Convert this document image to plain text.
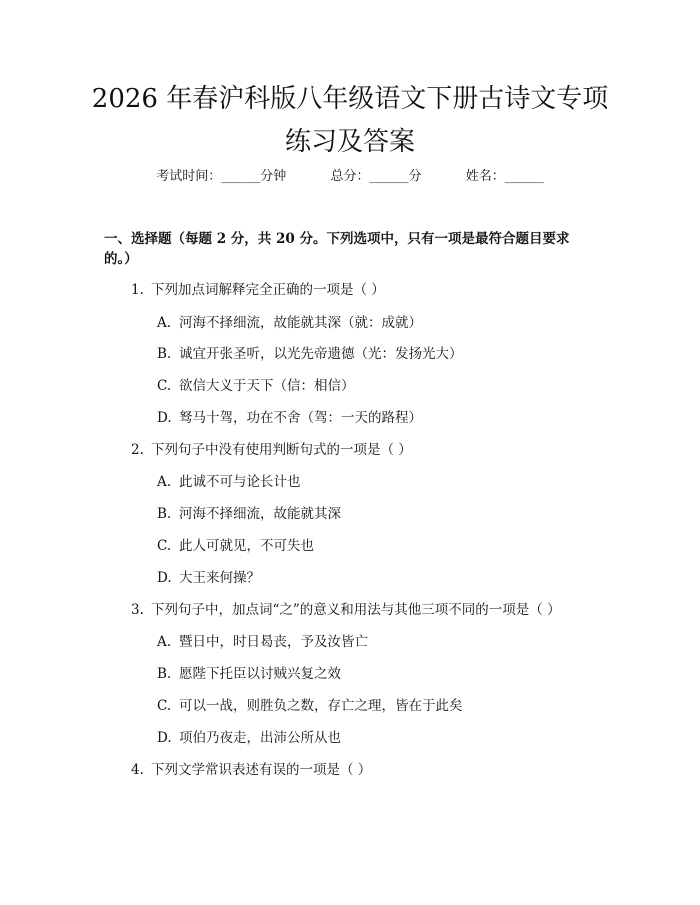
2026 年春沪科版八年级语文下册古诗文专项
练习及答案
考试时间：______分钟	总分：______分	姓名：______
一、选择题（每题 2 分，共 20 分。下列选项中，只有一项是最符合题目要求的。）
1. 下列加点词解释完全正确的一项是（ ）
A. 河海不择细流，故能就其深（就：成就）
B. 诚宜开张圣听，以光先帝遗德（光：发扬光大）
C. 欲信大义于天下（信：相信）
D. 驽马十驾，功在不舍（驾：一天的路程）
2. 下列句子中没有使用判断句式的一项是（ ）
A. 此诚不可与论长计也
B. 河海不择细流，故能就其深
C. 此人可就见，不可失也
D. 大王来何操？
3. 下列句子中，加点词“之”的意义和用法与其他三项不同的一项是（ ）
A. 暨日中，时日曷丧，予及汝皆亡
B. 愿陛下托臣以讨贼兴复之效
C. 可以一战，则胜负之数，存亡之理，皆在于此矣
D. 项伯乃夜走，出沛公所从也
4. 下列文学常识表述有误的一项是（ ）
